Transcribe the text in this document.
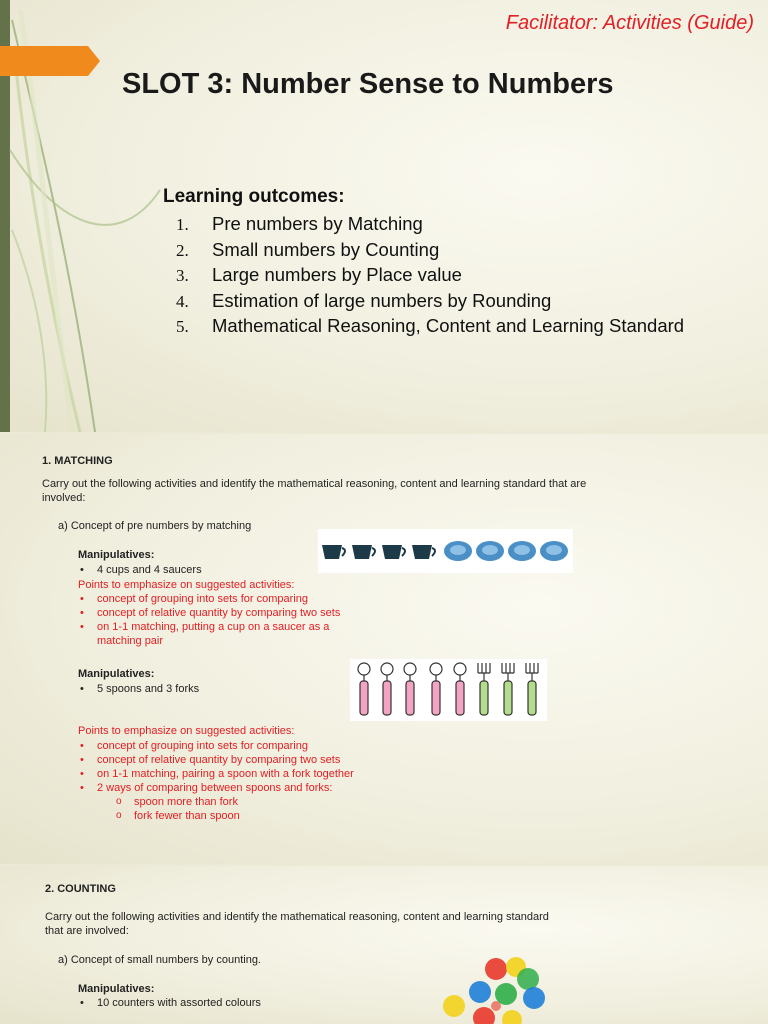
Facilitator: Activities (Guide)
SLOT 3: Number Sense to Numbers
Learning outcomes:
1. Pre numbers by Matching
2. Small numbers by Counting
3. Large numbers by Place value
4. Estimation of large numbers by Rounding
5. Mathematical Reasoning, Content and Learning Standard
1. MATCHING
Carry out the following activities and identify the mathematical reasoning, content and learning standard that are
involved:
a) Concept of pre numbers by matching
Manipulatives:
• 4 cups and 4 saucers
Points to emphasize on suggested activities:
• concept of grouping into sets for comparing
• concept of relative quantity by comparing two sets
• on 1-1 matching, putting a cup on a saucer as a
matching pair
Manipulatives:
• 5 spoons and 3 forks
Points to emphasize on suggested activities:
• concept of grouping into sets for comparing
• concept of relative quantity by comparing two sets
• on 1-1 matching, pairing a spoon with a fork together
• 2 ways of comparing between spoons and forks:
o spoon more than fork
o fork fewer than spoon
2. COUNTING
Carry out the following activities and identify the mathematical reasoning, content and learning standard
that are involved:
a) Concept of small numbers by counting.
Manipulatives:
• 10 counters with assorted colours
